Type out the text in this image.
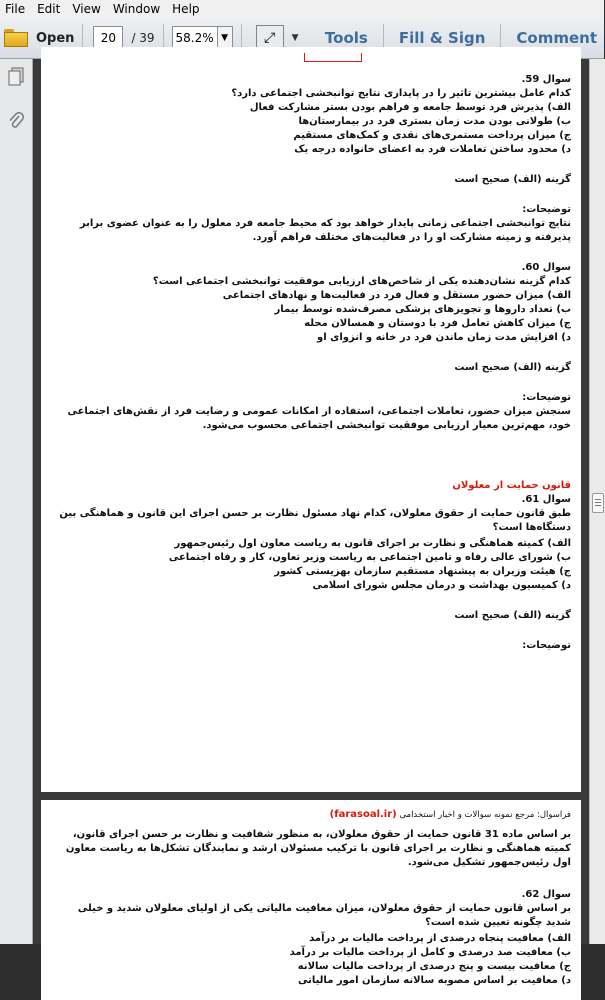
File	Edit	View	Window	Help
Open	20	/ 39	58.2% ▼	⤢ ▼	Tools	Fill & Sign	Comment
سوال 59.
کدام عامل بیشترین تاثیر را در پایداری نتایج توانبخشی اجتماعی دارد؟
الف) پذیرش فرد توسط جامعه و فراهم بودن بستر مشارکت فعال
ب) طولانی بودن مدت زمان بستری فرد در بیمارستان‌ها
ج) میزان پرداخت مستمری‌های نقدی و کمک‌های مستقیم
د) محدود ساختن تعاملات فرد به اعضای خانواده درجه یک
گزینه (الف) صحیح است
توضیحات:
نتایج توانبخشی اجتماعی زمانی پایدار خواهد بود که محیط جامعه فرد معلول را به عنوان عضوی برابر پذیرفته و زمینه مشارکت او را در فعالیت‌های مختلف فراهم آورد.
سوال 60.
کدام گزینه نشان‌دهنده یکی از شاخص‌های ارزیابی موفقیت توانبخشی اجتماعی است؟
الف) میزان حضور مستقل و فعال فرد در فعالیت‌ها و نهادهای اجتماعی
ب) تعداد داروها و تجویزهای پزشکی مصرف‌شده توسط بیمار
ج) میزان کاهش تعامل فرد با دوستان و همسالان محله
د) افزایش مدت زمان ماندن فرد در خانه و انزوای او
گزینه (الف) صحیح است
توضیحات:
سنجش میزان حضور، تعاملات اجتماعی، استفاده از امکانات عمومی و رضایت فرد از نقش‌های اجتماعی خود، مهم‌ترین معیار ارزیابی موفقیت توانبخشی اجتماعی محسوب می‌شود.
قانون حمایت از معلولان
سوال 61.
طبق قانون حمایت از حقوق معلولان، کدام نهاد مسئول نظارت بر حسن اجرای این قانون و هماهنگی بین دستگاه‌ها است؟
الف) کمیته هماهنگی و نظارت بر اجرای قانون به ریاست معاون اول رئیس‌جمهور
ب) شورای عالی رفاه و تامین اجتماعی به ریاست وزیر تعاون، کار و رفاه اجتماعی
ج) هیئت وزیران به پیشنهاد مستقیم سازمان بهزیستی کشور
د) کمیسیون بهداشت و درمان مجلس شورای اسلامی
گزینه (الف) صحیح است
توضیحات:
فراسوال: مرجع نمونه سوالات و اخبار استخدامی (farasoal.ir)
بر اساس ماده 31 قانون حمایت از حقوق معلولان، به منظور شفافیت و نظارت بر حسن اجرای قانون، کمیته هماهنگی و نظارت بر اجرای قانون با ترکیب مسئولان ارشد و نمایندگان تشکل‌ها به ریاست معاون اول رئیس‌جمهور تشکیل می‌شود.
سوال 62.
بر اساس قانون حمایت از حقوق معلولان، میزان معافیت مالیاتی یکی از اولیای معلولان شدید و خیلی شدید چگونه تعیین شده است؟
الف) معافیت پنجاه درصدی از پرداخت مالیات بر درآمد
ب) معافیت صد درصدی و کامل از پرداخت مالیات بر درآمد
ج) معافیت بیست و پنج درصدی از پرداخت مالیات سالانه
د) معافیت بر اساس مصوبه سالانه سازمان امور مالیاتی
